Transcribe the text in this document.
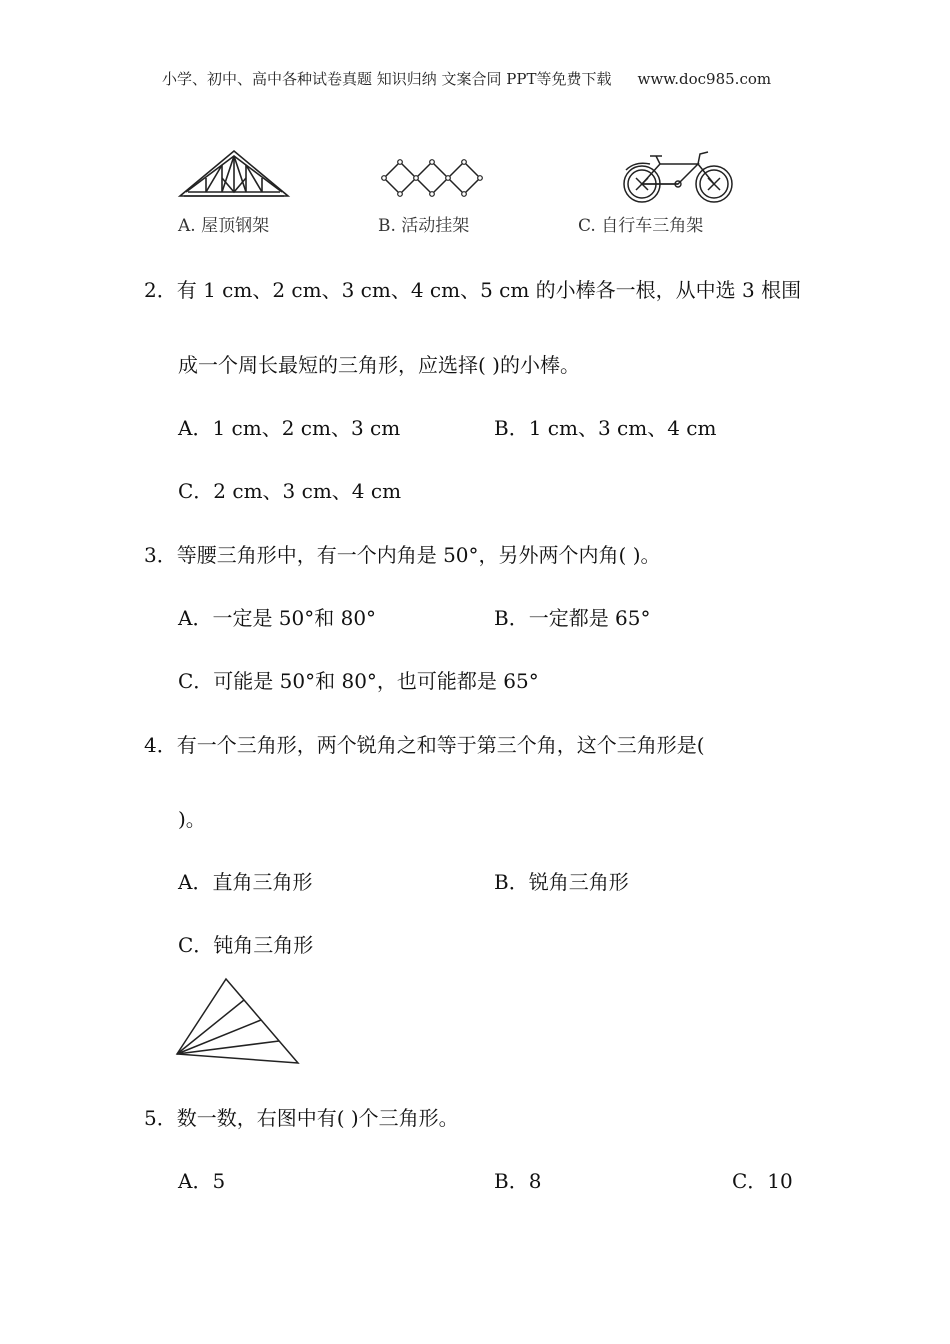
小学、初中、高中各种试卷真题 知识归纳 文案合同 PPT等免费下载 www.doc985.com
A. 屋顶钢架	B. 活动挂架	C. 自行车三角架
2．有 1 cm、2 cm、3 cm、4 cm、5 cm 的小棒各一根，从中选 3 根围
成一个周长最短的三角形，应选择( )的小棒。
A．1 cm、2 cm、3 cm	B．1 cm、3 cm、4 cm
C．2 cm、3 cm、4 cm
3．等腰三角形中，有一个内角是 50°，另外两个内角( )。
A．一定是 50°和 80°	B．一定都是 65°
C．可能是 50°和 80°，也可能都是 65°
4．有一个三角形，两个锐角之和等于第三个角，这个三角形是(
)。
A．直角三角形	B．锐角三角形
C．钝角三角形
5．数一数，右图中有( )个三角形。
A．5	B．8	C．10
